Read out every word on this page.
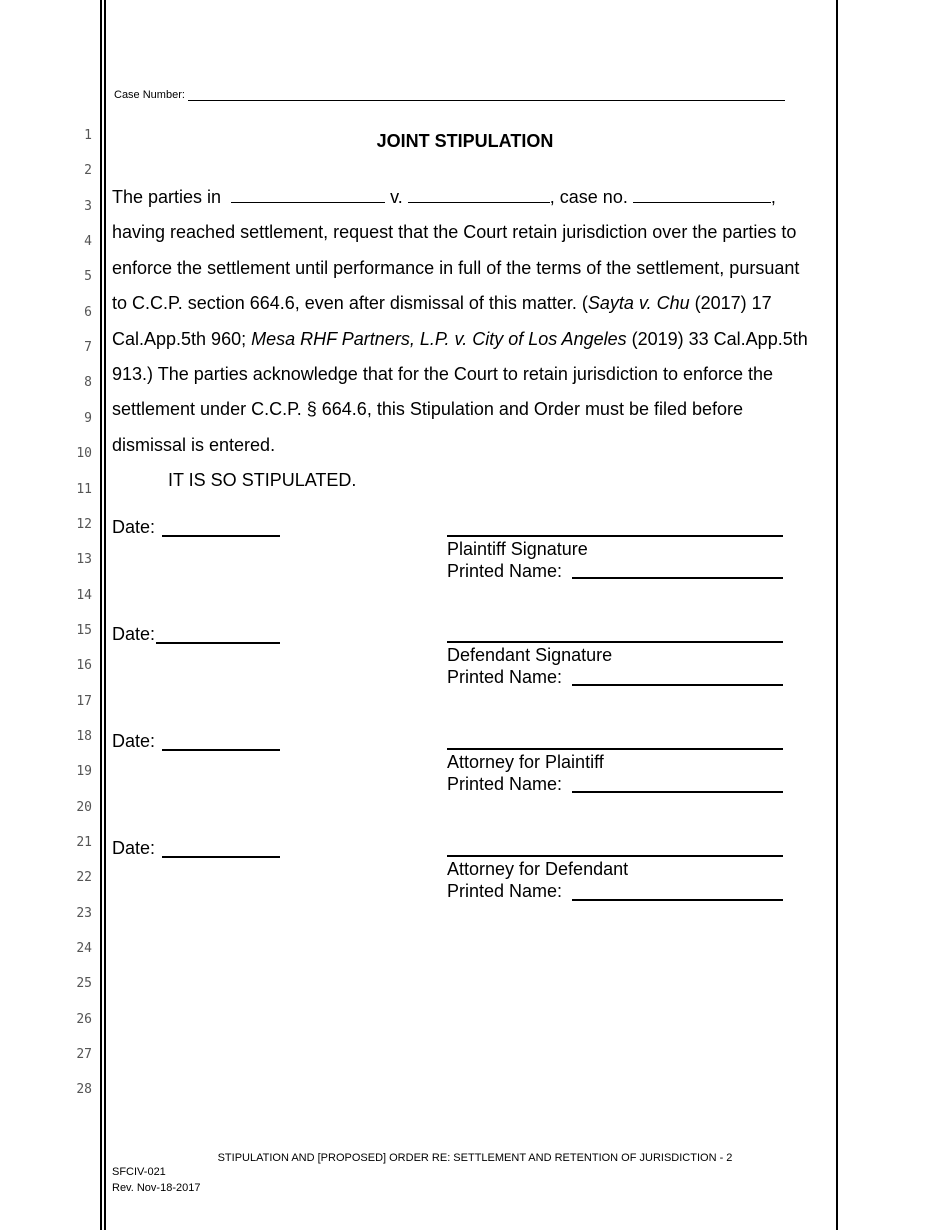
1
2
3
4
5
6
7
8
9
10
11
12
13
14
15
16
17
18
19
20
21
22
23
24
25
26
27
28
Case Number:
JOINT STIPULATION

The parties in	v.	, case no.	,

having reached settlement, request that the Court retain jurisdiction over the parties to

enforce the settlement until performance in full of the terms of the settlement, pursuant

to C.C.P. section 664.6, even after dismissal of this matter. (Sayta v. Chu (2017) 17

Cal.App.5th 960; Mesa RHF Partners, L.P. v. City of Los Angeles (2019) 33 Cal.App.5th

913.) The parties acknowledge that for the Court to retain jurisdiction to enforce the

settlement under C.C.P. § 664.6, this Stipulation and Order must be filed before

dismissal is entered.

IT IS SO STIPULATED.

Date:
Plaintiff Signature
Printed Name:
Date:
Defendant Signature
Printed Name:
Date:
Attorney for Plaintiff
Printed Name:
Date:
Attorney for Defendant
Printed Name:
STIPULATION AND [PROPOSED] ORDER RE: SETTLEMENT AND RETENTION OF JURISDICTION - 2
SFCIV-021
Rev. Nov-18-2017
